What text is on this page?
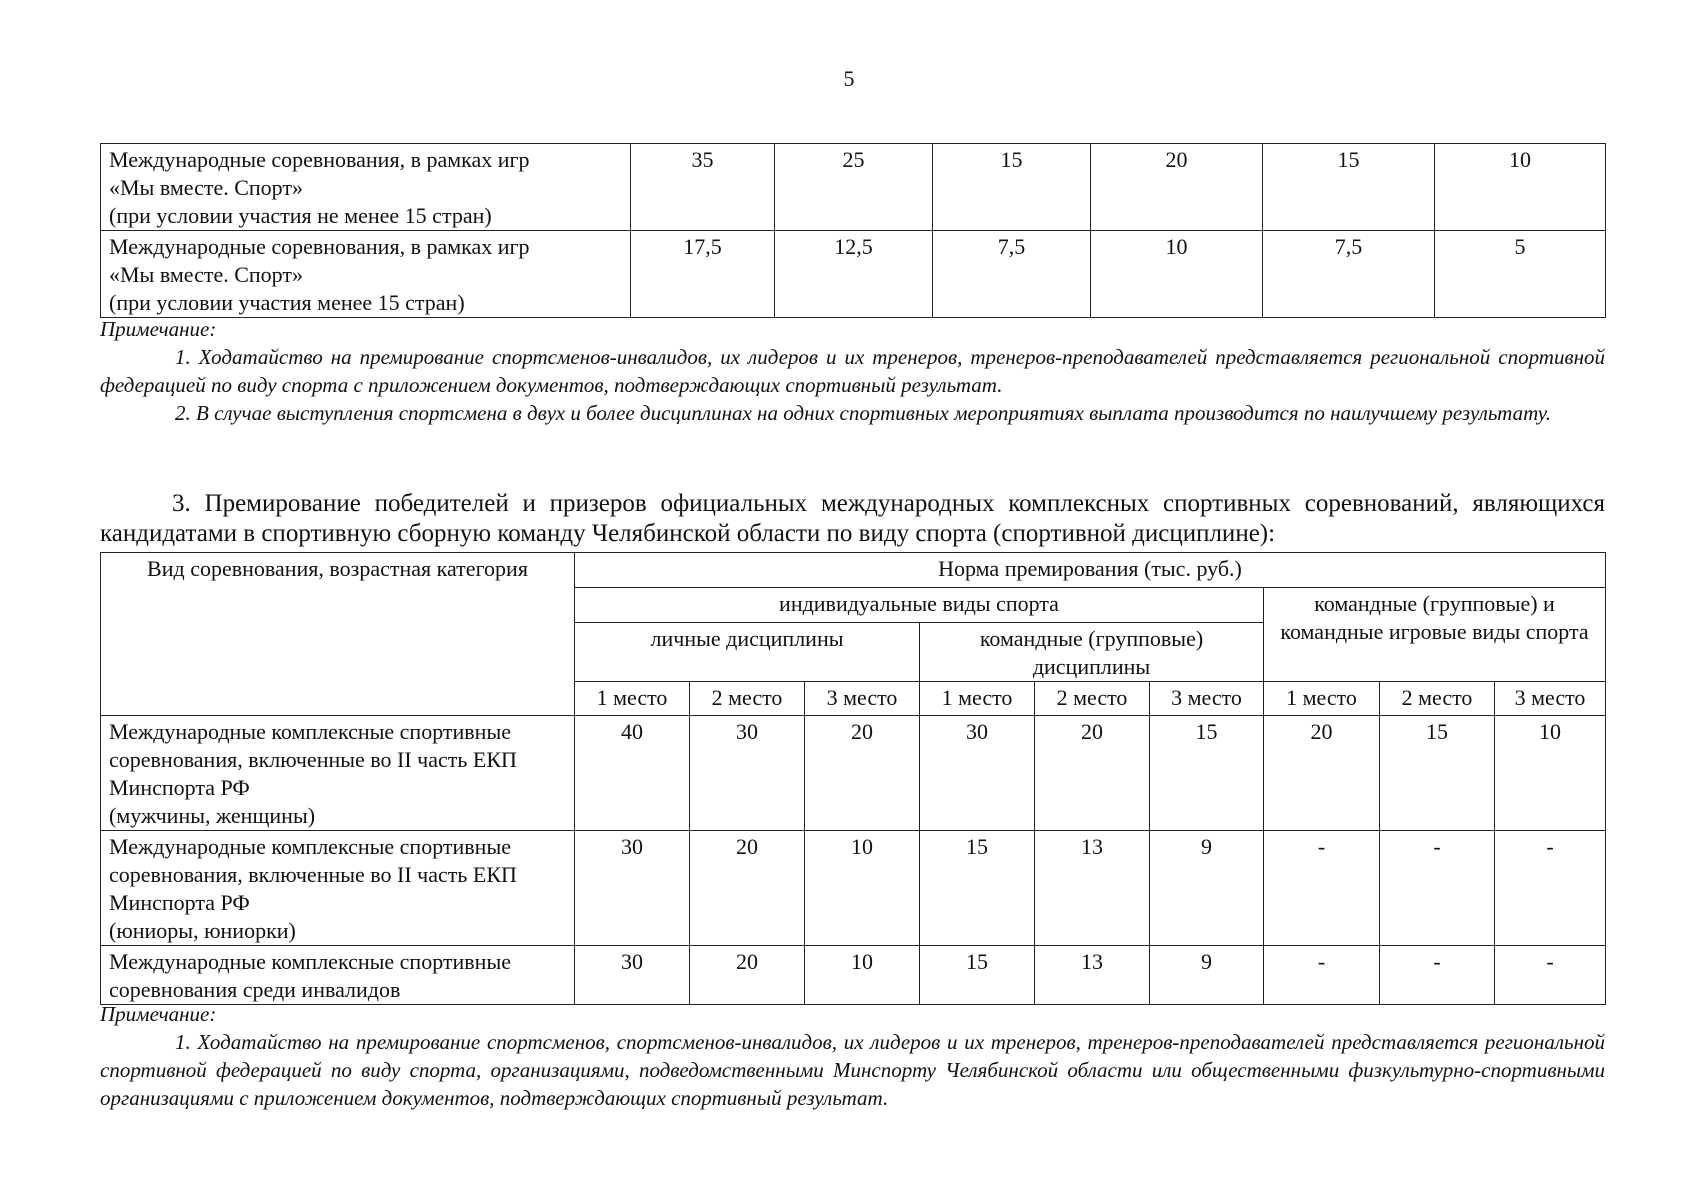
5
Международные соревнования, в рамках игр
«Мы вместе. Спорт»
(при условии участия не менее 15 стран)	35	25	15	20	15	10

Международные соревнования, в рамках игр
«Мы вместе. Спорт»
(при условии участия менее 15 стран)	17,5	12,5	7,5	10	7,5	5
Примечание:
1. Ходатайство на премирование спортсменов-инвалидов, их лидеров и их тренеров, тренеров-преподавателей представляется региональной спортивной федерацией по виду спорта с приложением документов, подтверждающих спортивный результат.
2. В случае выступления спортсмена в двух и более дисциплинах на одних спортивных мероприятиях выплата производится по наилучшему результату.
3. Премирование победителей и призеров официальных международных комплексных спортивных соревнований, являющихся кандидатами в спортивную сборную команду Челябинской области по виду спорта (спортивной дисциплине):
Вид соревнования, возрастная категория	Норма премирования (тыс. руб.)								
	индивидуальные виды спорта						командные (групповые) и командные игровые виды спорта		
	личные дисциплины			командные (групповые) дисциплины					
	1 место	2 место	3 место	1 место	2 место	3 место	1 место	2 место	3 место

Международные комплексные спортивные
соревнования, включенные во II часть ЕКП
Минспорта РФ
(мужчины, женщины)	40	30	20	30	20	15	20	15	10

Международные комплексные спортивные
соревнования, включенные во II часть ЕКП
Минспорта РФ
(юниоры, юниорки)	30	20	10	15	13	9	-	-	-

Международные комплексные спортивные
соревнования среди инвалидов	30	20	10	15	13	9	-	-	-
Примечание:
1. Ходатайство на премирование спортсменов, спортсменов-инвалидов, их лидеров и их тренеров, тренеров-преподавателей представляется региональной спортивной федерацией по виду спорта, организациями, подведомственными Минспорту Челябинской области или общественными физкультурно-спортивными организациями с приложением документов, подтверждающих спортивный результат.
